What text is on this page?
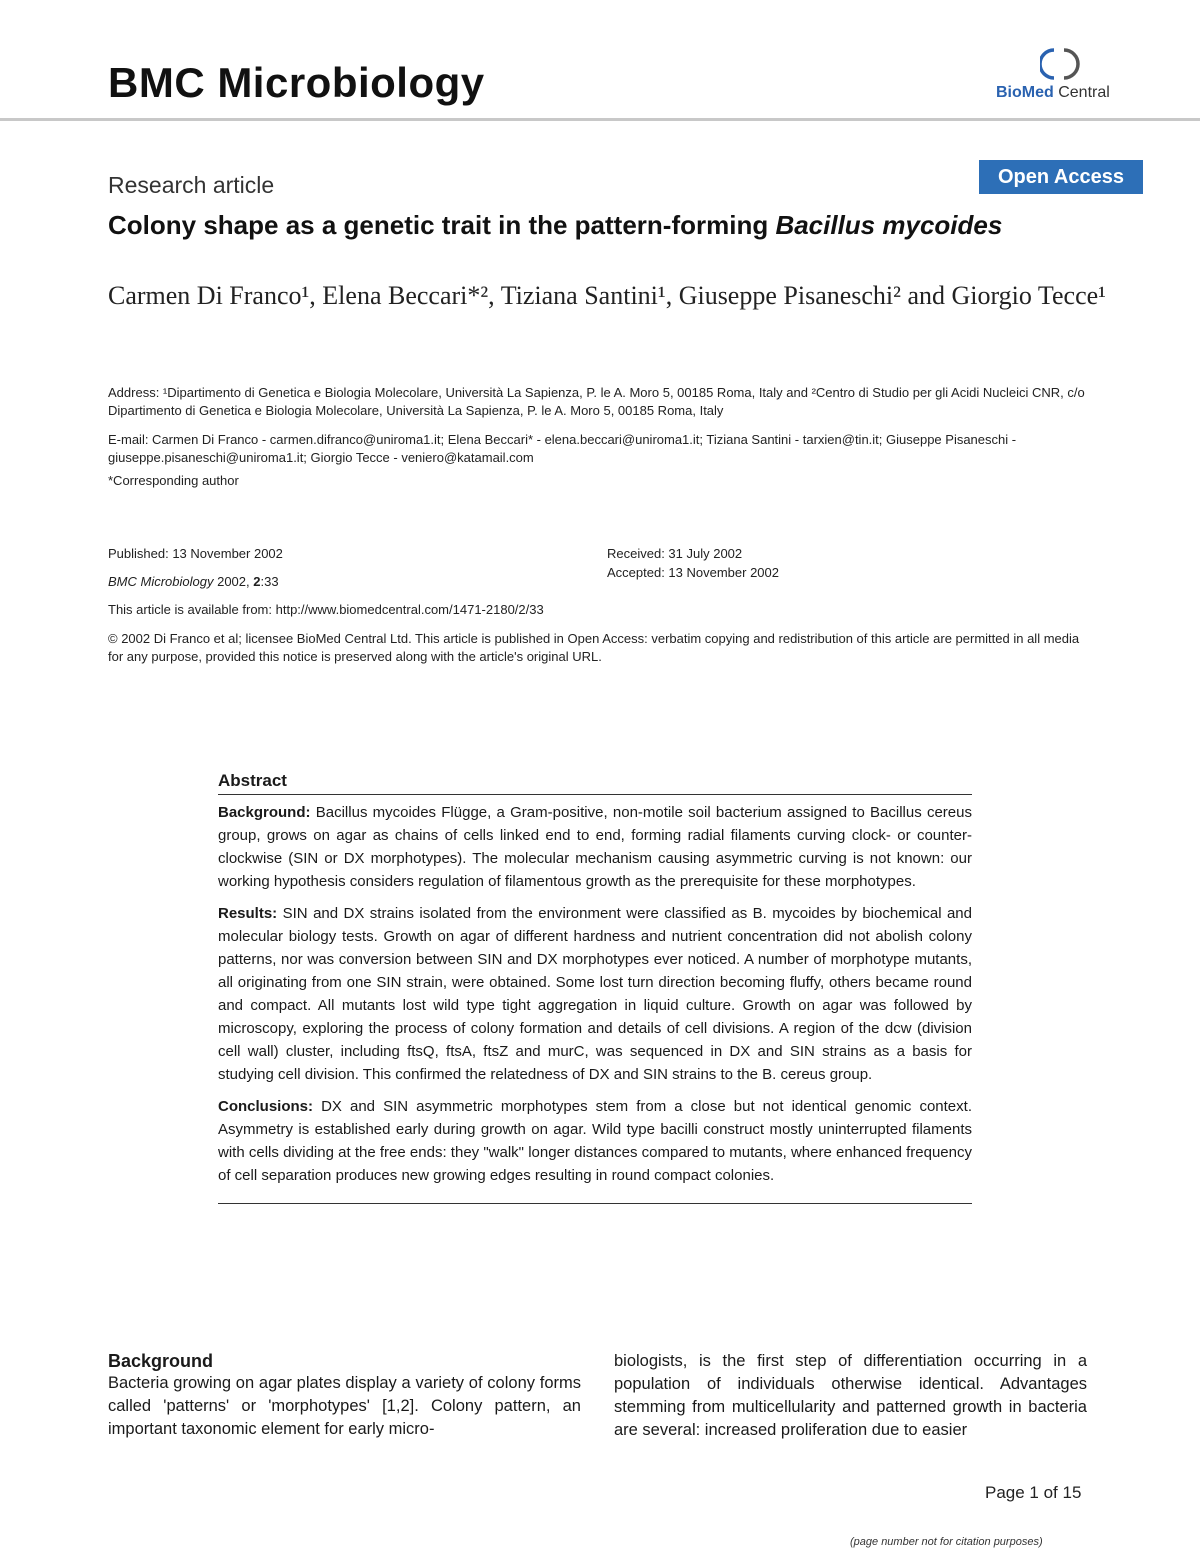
BMC Microbiology	BioMed Central
Research article	Open Access
Colony shape as a genetic trait in the pattern-forming Bacillus mycoides
Carmen Di Franco¹, Elena Beccari*², Tiziana Santini¹, Giuseppe Pisaneschi² and Giorgio Tecce¹
Address: ¹Dipartimento di Genetica e Biologia Molecolare, Università La Sapienza, P. le A. Moro 5, 00185 Roma, Italy and ²Centro di Studio per gli Acidi Nucleici CNR, c/o Dipartimento di Genetica e Biologia Molecolare, Università La Sapienza, P. le A. Moro 5, 00185 Roma, Italy
E-mail: Carmen Di Franco - carmen.difranco@uniroma1.it; Elena Beccari* - elena.beccari@uniroma1.it; Tiziana Santini - tarxien@tin.it; Giuseppe Pisaneschi - giuseppe.pisaneschi@uniroma1.it; Giorgio Tecce - veniero@katamail.com
*Corresponding author
Published: 13 November 2002
BMC Microbiology 2002, 2:33
Received: 31 July 2002
Accepted: 13 November 2002
This article is available from: http://www.biomedcentral.com/1471-2180/2/33
© 2002 Di Franco et al; licensee BioMed Central Ltd. This article is published in Open Access: verbatim copying and redistribution of this article are permitted in all media for any purpose, provided this notice is preserved along with the article's original URL.
Abstract
Background: Bacillus mycoides Flügge, a Gram-positive, non-motile soil bacterium assigned to Bacillus cereus group, grows on agar as chains of cells linked end to end, forming radial filaments curving clock- or counter-clockwise (SIN or DX morphotypes). The molecular mechanism causing asymmetric curving is not known: our working hypothesis considers regulation of filamentous growth as the prerequisite for these morphotypes.
Results: SIN and DX strains isolated from the environment were classified as B. mycoides by biochemical and molecular biology tests. Growth on agar of different hardness and nutrient concentration did not abolish colony patterns, nor was conversion between SIN and DX morphotypes ever noticed. A number of morphotype mutants, all originating from one SIN strain, were obtained. Some lost turn direction becoming fluffy, others became round and compact. All mutants lost wild type tight aggregation in liquid culture. Growth on agar was followed by microscopy, exploring the process of colony formation and details of cell divisions. A region of the dcw (division cell wall) cluster, including ftsQ, ftsA, ftsZ and murC, was sequenced in DX and SIN strains as a basis for studying cell division. This confirmed the relatedness of DX and SIN strains to the B. cereus group.
Conclusions: DX and SIN asymmetric morphotypes stem from a close but not identical genomic context. Asymmetry is established early during growth on agar. Wild type bacilli construct mostly uninterrupted filaments with cells dividing at the free ends: they "walk" longer distances compared to mutants, where enhanced frequency of cell separation produces new growing edges resulting in round compact colonies.
Background
Bacteria growing on agar plates display a variety of colony forms called 'patterns' or 'morphotypes' [1,2]. Colony pattern, an important taxonomic element for early micro-
biologists, is the first step of differentiation occurring in a population of individuals otherwise identical. Advantages stemming from multicellularity and patterned growth in bacteria are several: increased proliferation due to easier
Page 1 of 15
(page number not for citation purposes)
